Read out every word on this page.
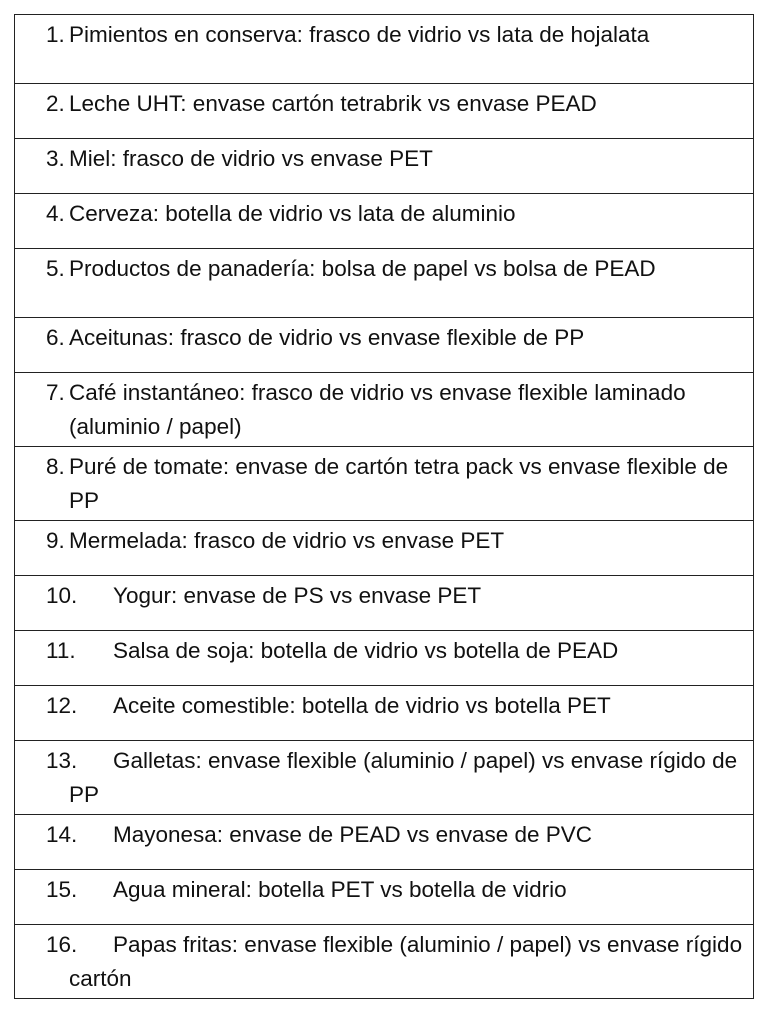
1. Pimientos en conserva: frasco de vidrio vs lata de hojalata

2. Leche UHT: envase cartón tetrabrik vs envase PEAD

3. Miel: frasco de vidrio vs envase PET

4. Cerveza: botella de vidrio vs lata de aluminio

5. Productos de panadería: bolsa de papel vs bolsa de PEAD

6. Aceitunas: frasco de vidrio vs envase flexible de PP

7. Café instantáneo: frasco de vidrio vs envase flexible laminado (aluminio / papel)

8. Puré de tomate: envase de cartón tetra pack vs envase flexible de PP

9. Mermelada: frasco de vidrio vs envase PET

10. Yogur: envase de PS vs envase PET

11. Salsa de soja: botella de vidrio vs botella de PEAD

12. Aceite comestible: botella de vidrio vs botella PET

13. Galletas: envase flexible (aluminio / papel) vs envase rígido de PP

14. Mayonesa: envase de PEAD vs envase de PVC

15. Agua mineral: botella PET vs botella de vidrio

16. Papas fritas: envase flexible (aluminio / papel) vs envase rígido cartón
